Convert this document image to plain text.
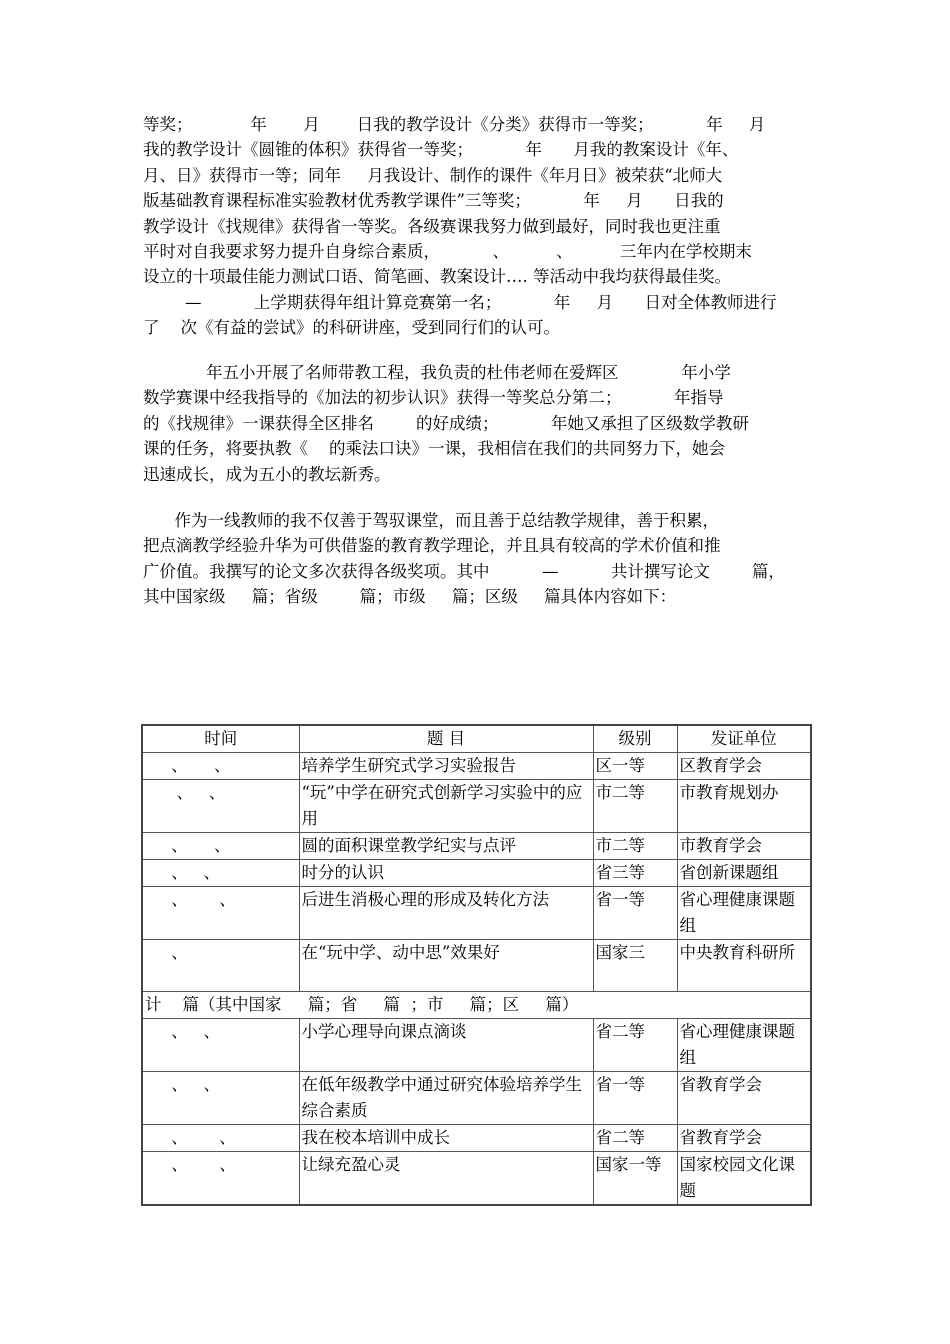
等奖；           年       月       日我的教学设计《分类》获得市一等奖；          年     月
我的教学设计《圆锥的体积》获得省一等奖；          年      月我的教案设计《年、
月、日》获得市一等；同年     月我设计、制作的课件《年月日》被荣获“北师大
版基础教育课程标准实验教材优秀教学课件”三等奖；          年     月      日我的
教学设计《找规律》获得省一等奖。各级赛课我努力做到最好，同时我也更注重
平时对自我要求努力提升自身综合素质，          、         、         三年内在学校期末
设立的十项最佳能力测试口语、简笔画、教案设计…. 等活动中我均获得最佳奖。
—          上学期获得年组计算竞赛第一名；          年     月      日对全体教师进行
了    次《有益的尝试》的科研讲座，受到同行们的认可。
年五小开展了名师带教工程，我负责的杜伟老师在爱辉区            年小学
数学赛课中经我指导的《加法的初步认识》获得一等奖总分第二；          年指导
的《找规律》一课获得全区排名        的好成绩；          年她又承担了区级数学教研
课的任务，将要执教《    的乘法口诀》一课，我相信在我们的共同努力下，她会
迅速成长，成为五小的教坛新秀。
作为一线教师的我不仅善于驾驭课堂，而且善于总结教学规律，善于积累，
把点滴教学经验升华为可供借鉴的教育教学理论，并且具有较高的学术价值和推
广价值。我撰写的论文多次获得各级奖项。其中          —          共计撰写论文        篇，
其中国家级     篇；省级        篇；市级     篇；区级     篇具体内容如下：
时间	题 目	级别	发证单位
、     、	培养学生研究式学习实验报告	区一等	区教育学会
、   、	“玩”中学在研究式创新学习实验中的应用	市二等	市教育规划办
、     、	圆的面积课堂教学纪实与点评	市二等	市教育学会
、   、	时分的认识	省三等	省创新课题组
、      、	后进生消极心理的形成及转化方法	省一等	省心理健康课题组
、	在“玩中学、动中思”效果好	国家三	中央教育科研所
计    篇（其中国家     篇；省     篇  ；市     篇；区     篇）			
、   、	小学心理导向课点滴谈	省二等	省心理健康课题组
、   、	在低年级教学中通过研究体验培养学生综合素质	省一等	省教育学会
、      、	我在校本培训中成长	省二等	省教育学会
、      、	让绿充盈心灵	国家一等	国家校园文化课题
